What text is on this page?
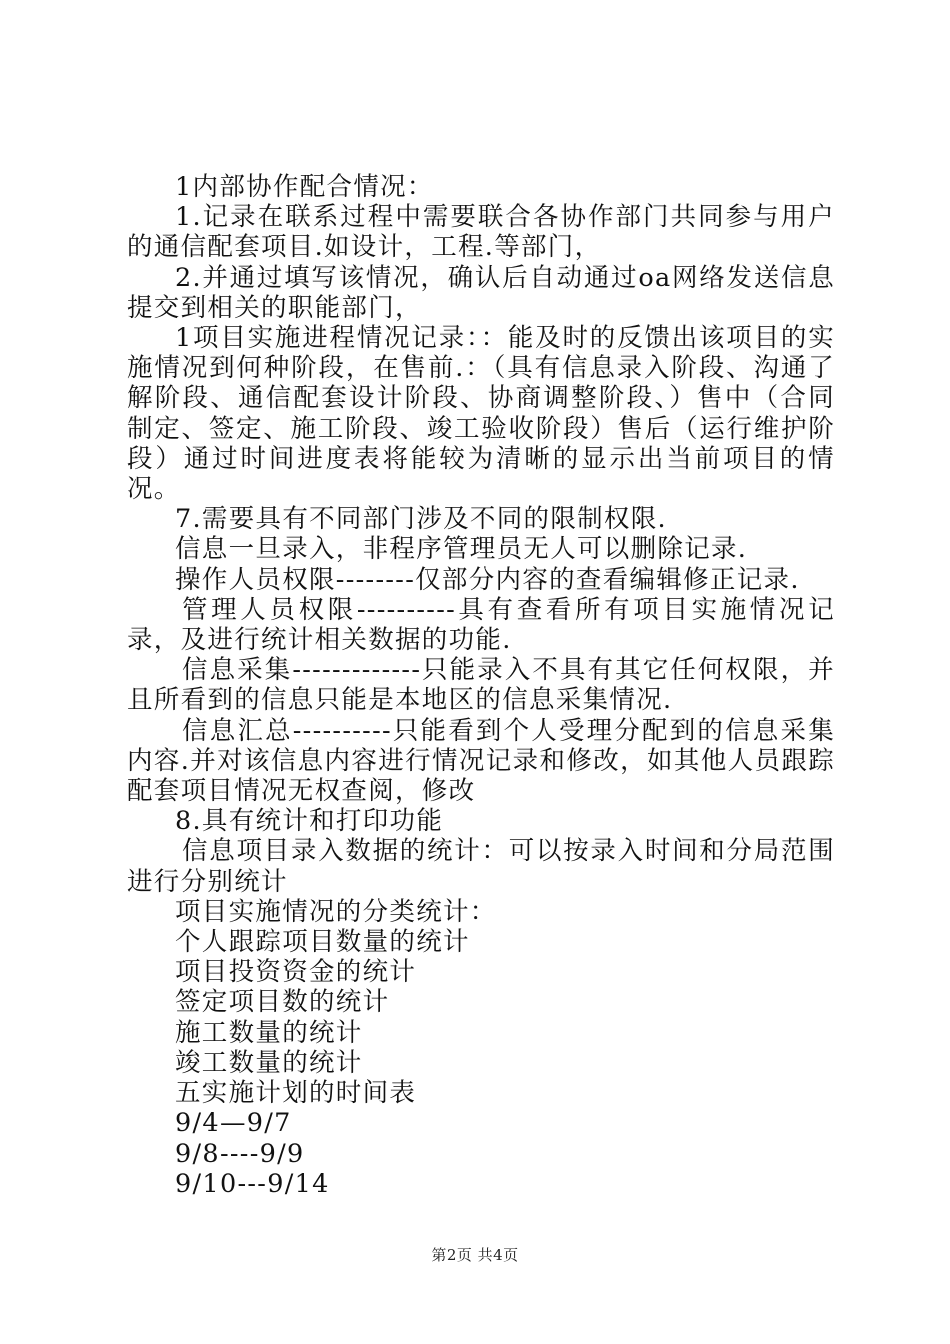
1内部协作配合情况：

1.记录在联系过程中需要联合各协作部门共同参与用户的通信配套项目.如设计，工程.等部门，

2.并通过填写该情况，确认后自动通过oa网络发送信息提交到相关的职能部门，

1项目实施进程情况记录：：能及时的反馈出该项目的实施情况到何种阶段，在售前.：（具有信息录入阶段、沟通了解阶段、通信配套设计阶段、协商调整阶段、）售中（合同制定、签定、施工阶段、竣工验收阶段）售后（运行维护阶段）通过时间进度表将能较为清晰的显示出当前项目的情况。

7.需要具有不同部门涉及不同的限制权限.

信息一旦录入，非程序管理员无人可以删除记录.

操作人员权限--------仅部分内容的查看编辑修正记录.

管理人员权限----------具有查看所有项目实施情况记录，及进行统计相关数据的功能.

信息采集-------------只能录入不具有其它任何权限，并且所看到的信息只能是本地区的信息采集情况.

信息汇总----------只能看到个人受理分配到的信息采集内容.并对该信息内容进行情况记录和修改，如其他人员跟踪配套项目情况无权查阅，修改

8.具有统计和打印功能

信息项目录入数据的统计：可以按录入时间和分局范围进行分别统计

项目实施情况的分类统计：

个人跟踪项目数量的统计

项目投资资金的统计

签定项目数的统计

施工数量的统计

竣工数量的统计

五实施计划的时间表

9/4—9/7

9/8----9/9

9/10---9/14

第2页 共4页
